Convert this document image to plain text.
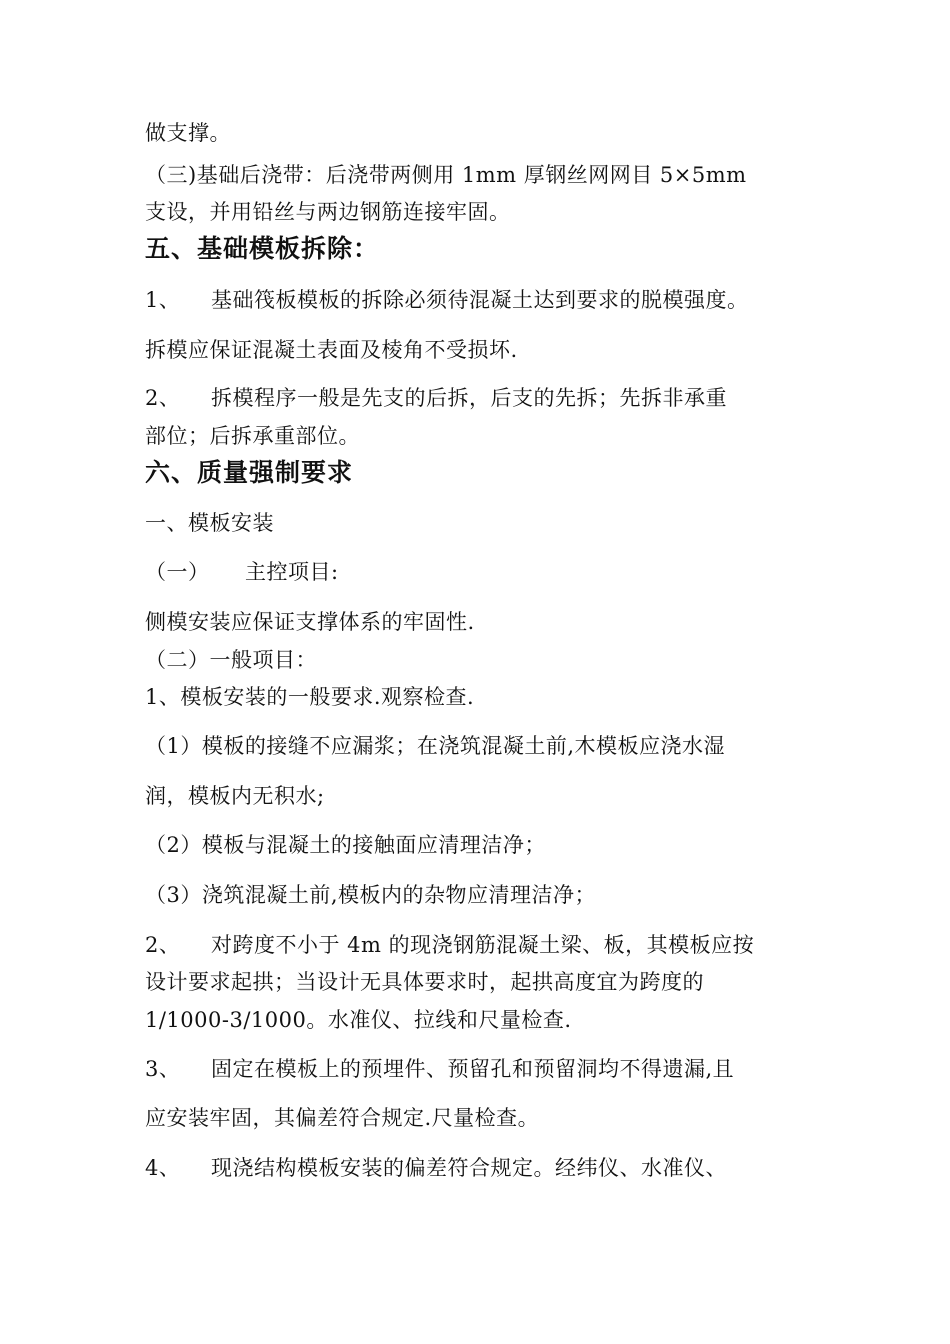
做支撑。
（三)基础后浇带：后浇带两侧用 1mm 厚钢丝网网目 5×5mm
支设，并用铅丝与两边钢筋连接牢固。
五、基础模板拆除：
1、 基础筏板模板的拆除必须待混凝土达到要求的脱模强度。
拆模应保证混凝土表面及棱角不受损坏.
2、 拆模程序一般是先支的后拆，后支的先拆；先拆非承重
部位；后拆承重部位。
六、质量强制要求
一、模板安装
（一） 主控项目:
侧模安装应保证支撑体系的牢固性.
（二）一般项目：
1、模板安装的一般要求.观察检查.
（1）模板的接缝不应漏浆；在浇筑混凝土前,木模板应浇水湿
润，模板内无积水;
（2）模板与混凝土的接触面应清理洁净；
（3）浇筑混凝土前,模板内的杂物应清理洁净；
2、 对跨度不小于 4m 的现浇钢筋混凝土梁、板，其模板应按
设计要求起拱；当设计无具体要求时，起拱高度宜为跨度的
1/1000-3/1000。水准仪、拉线和尺量检查.
3、 固定在模板上的预埋件、预留孔和预留洞均不得遗漏,且
应安装牢固，其偏差符合规定.尺量检查。
4、 现浇结构模板安装的偏差符合规定。经纬仪、水准仪、
